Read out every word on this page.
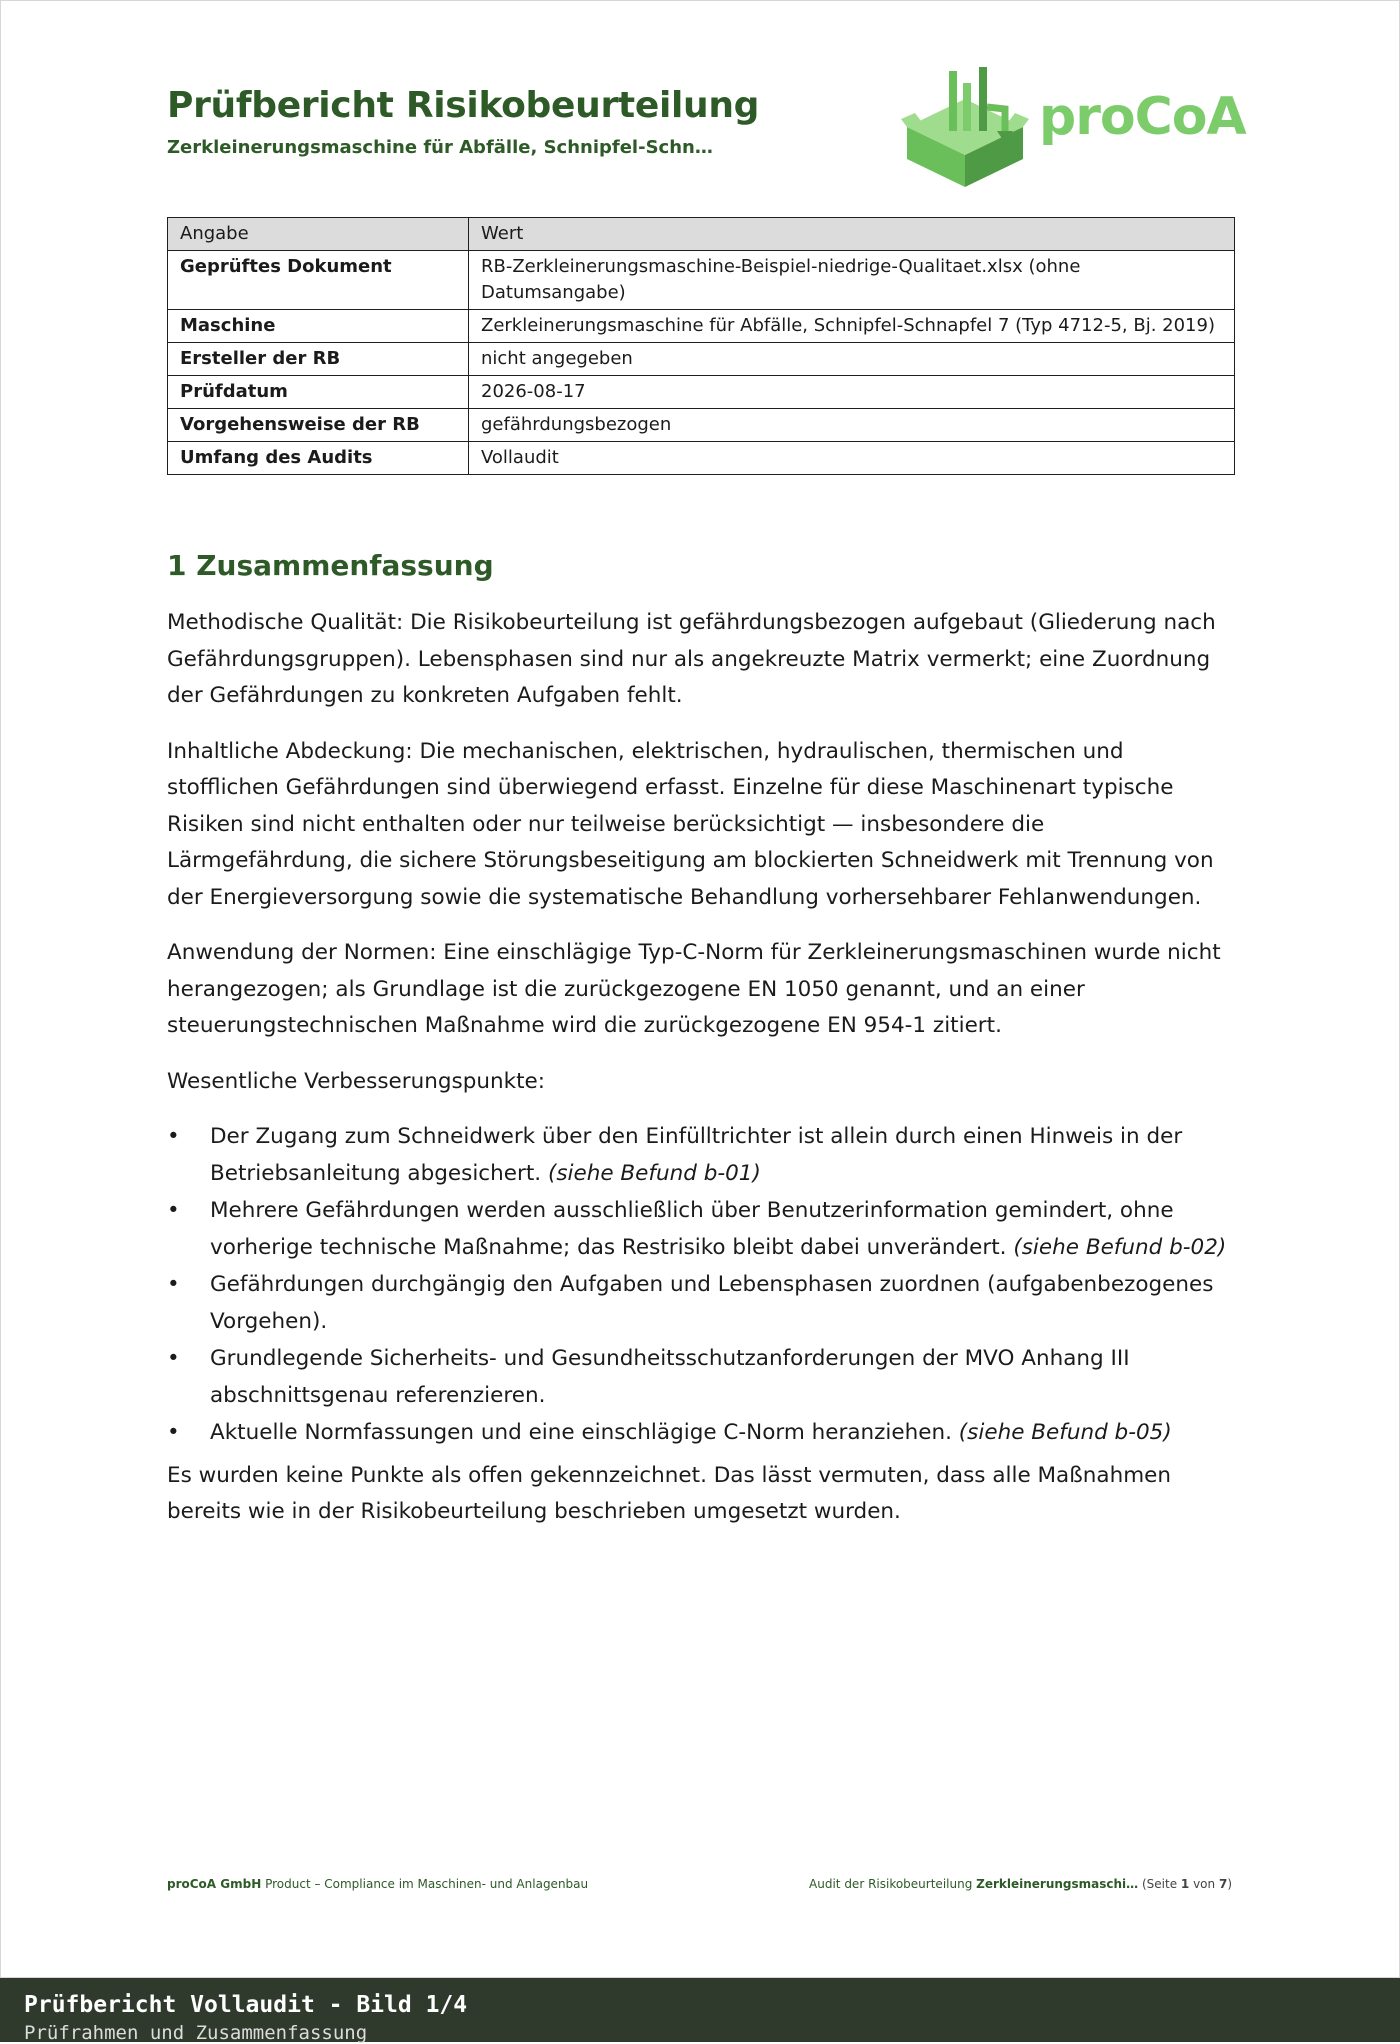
Prüfbericht Risikobeurteilung
Zerkleinerungsmaschine für Abfälle, Schnipfel-Schn…
proCoA
Angabe	Wert
Geprüftes Dokument	RB-Zerkleinerungsmaschine-Beispiel-niedrige-Qualitaet.xlsx (ohne Datumsangabe)
Maschine	Zerkleinerungsmaschine für Abfälle, Schnipfel-Schnapfel 7 (Typ 4712-5, Bj. 2019)
Ersteller der RB	nicht angegeben
Prüfdatum	2026-08-17
Vorgehensweise der RB	gefährdungsbezogen
Umfang des Audits	Vollaudit
1 Zusammenfassung

Methodische Qualität: Die Risikobeurteilung ist gefährdungsbezogen aufgebaut (Gliederung nach Gefährdungsgruppen). Lebensphasen sind nur als angekreuzte Matrix vermerkt; eine Zuordnung der Gefährdungen zu konkreten Aufgaben fehlt.

Inhaltliche Abdeckung: Die mechanischen, elektrischen, hydraulischen, thermischen und stofflichen Gefährdungen sind überwiegend erfasst. Einzelne für diese Maschinenart typische Risiken sind nicht enthalten oder nur teilweise berücksichtigt — insbesondere die Lärmgefährdung, die sichere Störungsbeseitigung am blockierten Schneidwerk mit Trennung von der Energieversorgung sowie die systematische Behandlung vorhersehbarer Fehlanwendungen.

Anwendung der Normen: Eine einschlägige Typ-C-Norm für Zerkleinerungsmaschinen wurde nicht herangezogen; als Grundlage ist die zurückgezogene EN 1050 genannt, und an einer steuerungstechnischen Maßnahme wird die zurückgezogene EN 954-1 zitiert.

Wesentliche Verbesserungspunkte:

• Der Zugang zum Schneidwerk über den Einfülltrichter ist allein durch einen Hinweis in der Betriebsanleitung abgesichert. (siehe Befund b-01)
• Mehrere Gefährdungen werden ausschließlich über Benutzerinformation gemindert, ohne vorherige technische Maßnahme; das Restrisiko bleibt dabei unverändert. (siehe Befund b-02)
• Gefährdungen durchgängig den Aufgaben und Lebensphasen zuordnen (aufgabenbezogenes Vorgehen).
• Grundlegende Sicherheits- und Gesundheitsschutzanforderungen der MVO Anhang III abschnittsgenau referenzieren.
• Aktuelle Normfassungen und eine einschlägige C-Norm heranziehen. (siehe Befund b-05)

Es wurden keine Punkte als offen gekennzeichnet. Das lässt vermuten, dass alle Maßnahmen bereits wie in der Risikobeurteilung beschrieben umgesetzt wurden.

proCoA GmbH Product – Compliance im Maschinen- und Anlagenbau	Audit der Risikobeurteilung Zerkleinerungsmaschi… (Seite 1 von 7)
Prüfbericht Vollaudit - Bild 1/4
Prüfrahmen und Zusammenfassung
